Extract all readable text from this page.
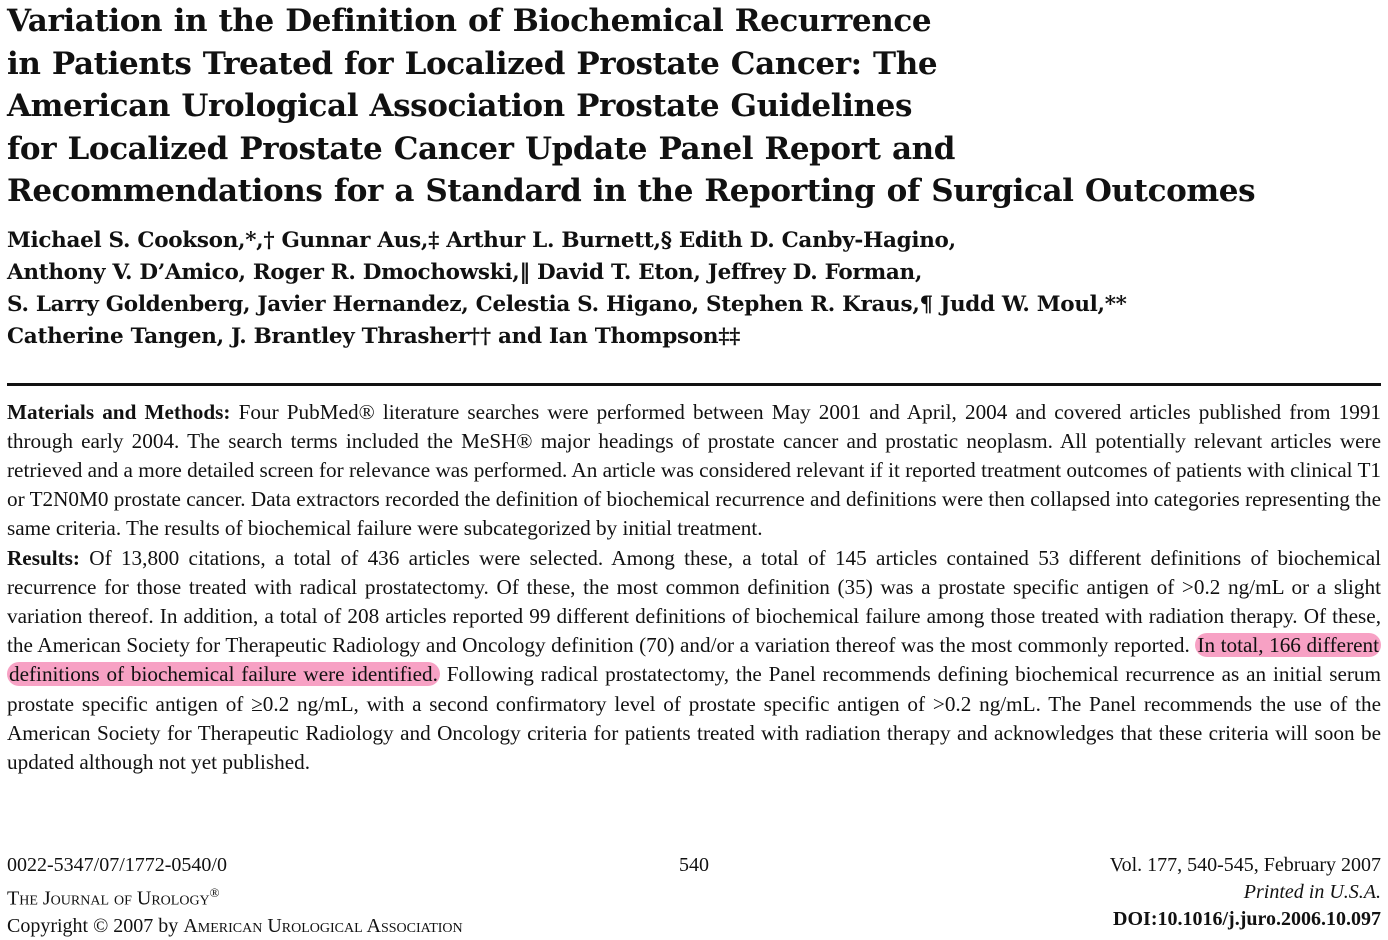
Variation in the Definition of Biochemical Recurrence
in Patients Treated for Localized Prostate Cancer: The
American Urological Association Prostate Guidelines
for Localized Prostate Cancer Update Panel Report and
Recommendations for a Standard in the Reporting of Surgical Outcomes
Michael S. Cookson,*,† Gunnar Aus,‡ Arthur L. Burnett,§ Edith D. Canby-Hagino,
Anthony V. D’Amico, Roger R. Dmochowski,‖ David T. Eton, Jeffrey D. Forman,
S. Larry Goldenberg, Javier Hernandez, Celestia S. Higano, Stephen R. Kraus,¶ Judd W. Moul,**
Catherine Tangen, J. Brantley Thrasher†† and Ian Thompson‡‡

Materials and Methods: Four PubMed® literature searches were performed between May 2001 and April, 2004 and covered articles published from 1991 through early 2004. The search terms included the MeSH® major headings of prostate cancer and prostatic neoplasm. All potentially relevant articles were retrieved and a more detailed screen for relevance was performed. An article was considered relevant if it reported treatment outcomes of patients with clinical T1 or T2N0M0 prostate cancer. Data extractors recorded the definition of biochemical recurrence and definitions were then collapsed into categories representing the same criteria. The results of biochemical failure were subcategorized by initial treatment.

Results: Of 13,800 citations, a total of 436 articles were selected. Among these, a total of 145 articles contained 53 different definitions of biochemical recurrence for those treated with radical prostatectomy. Of these, the most common definition (35) was a prostate specific antigen of >0.2 ng/mL or a slight variation thereof. In addition, a total of 208 articles reported 99 different definitions of biochemical failure among those treated with radiation therapy. Of these, the American Society for Therapeutic Radiology and Oncology definition (70) and/or a variation thereof was the most commonly reported. In total, 166 different definitions of biochemical failure were identified. Following radical prostatectomy, the Panel recommends defining biochemical recurrence as an initial serum prostate specific antigen of ≥0.2 ng/mL, with a second confirmatory level of prostate specific antigen of >0.2 ng/mL. The Panel recommends the use of the American Society for Therapeutic Radiology and Oncology criteria for patients treated with radiation therapy and acknowledges that these criteria will soon be updated although not yet published.

540
0022-5347/07/1772-0540/0
The Journal of Urology®
Copyright © 2007 by American Urological Association
Vol. 177, 540-545, February 2007
Printed in U.S.A.
DOI:10.1016/j.juro.2006.10.097
